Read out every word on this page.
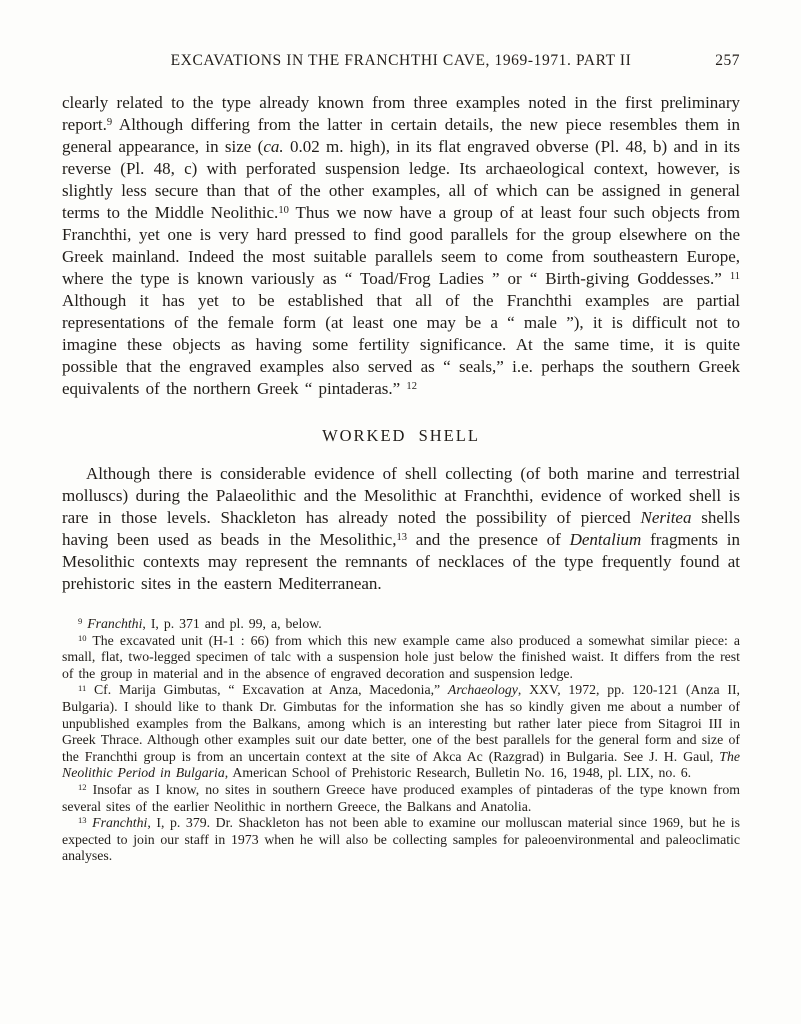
EXCAVATIONS IN THE FRANCHTHI CAVE, 1969-1971. PART II	257

clearly related to the type already known from three examples noted in the first preliminary report.$^9$ Although differing from the latter in certain details, the new piece resembles them in general appearance, in size (ca. 0.02 m. high), in its flat engraved obverse (Pl. 48, b) and in its reverse (Pl. 48, c) with perforated suspension ledge. Its archaeological context, however, is slightly less secure than that of the other examples, all of which can be assigned in general terms to the Middle Neolithic.$^{10}$ Thus we now have a group of at least four such objects from Franchthi, yet one is very hard pressed to find good parallels for the group elsewhere on the Greek mainland. Indeed the most suitable parallels seem to come from southeastern Europe, where the type is known variously as “ Toad/Frog Ladies ” or “ Birth-giving Goddesses.” $^{11}$ Although it has yet to be established that all of the Franchthi examples are partial representations of the female form (at least one may be a “ male ”), it is difficult not to imagine these objects as having some fertility significance. At the same time, it is quite possible that the engraved examples also served as “ seals,” i.e. perhaps the southern Greek equivalents of the northern Greek “ pintaderas.” $^{12}$

WORKED SHELL

Although there is considerable evidence of shell collecting (of both marine and terrestrial molluscs) during the Palaeolithic and the Mesolithic at Franchthi, evidence of worked shell is rare in those levels. Shackleton has already noted the possibility of pierced Neritea shells having been used as beads in the Mesolithic,$^{13}$ and the presence of Dentalium fragments in Mesolithic contexts may represent the remnants of necklaces of the type frequently found at prehistoric sites in the eastern Mediterranean.

$^9$ Franchthi, I, p. 371 and pl. 99, a, below.

$^{10}$ The excavated unit (H-1 : 66) from which this new example came also produced a somewhat similar piece: a small, flat, two-legged specimen of talc with a suspension hole just below the finished waist. It differs from the rest of the group in material and in the absence of engraved decoration and suspension ledge.

$^{11}$ Cf. Marija Gimbutas, “ Excavation at Anza, Macedonia,” Archaeology, XXV, 1972, pp. 120-121 (Anza II, Bulgaria). I should like to thank Dr. Gimbutas for the information she has so kindly given me about a number of unpublished examples from the Balkans, among which is an interesting but rather later piece from Sitagroi III in Greek Thrace. Although other examples suit our date better, one of the best parallels for the general form and size of the Franchthi group is from an uncertain context at the site of Akca Ac (Razgrad) in Bulgaria. See J. H. Gaul, The Neolithic Period in Bulgaria, American School of Prehistoric Research, Bulletin No. 16, 1948, pl. LIX, no. 6.

$^{12}$ Insofar as I know, no sites in southern Greece have produced examples of pintaderas of the type known from several sites of the earlier Neolithic in northern Greece, the Balkans and Anatolia.

$^{13}$ Franchthi, I, p. 379. Dr. Shackleton has not been able to examine our molluscan material since 1969, but he is expected to join our staff in 1973 when he will also be collecting samples for paleoenvironmental and paleoclimatic analyses.
